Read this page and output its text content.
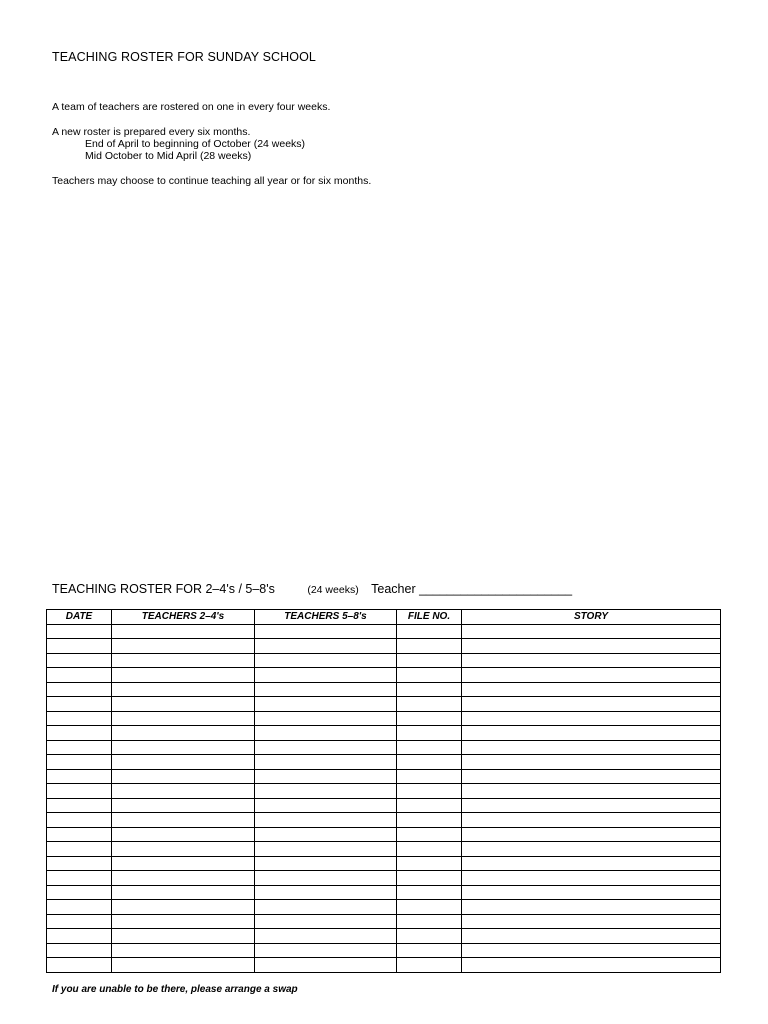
TEACHING ROSTER FOR SUNDAY SCHOOL
A team of teachers are rostered on one in every four weeks.
A new roster is prepared every six months.
End of April to beginning of October (24 weeks)
Mid October to Mid April (28 weeks)
Teachers may choose to continue teaching all year or for six months.
TEACHING ROSTER FOR 2–4's / 5–8's	(24 weeks) Teacher ______________________
DATE	TEACHERS 2–4's	TEACHERS 5–8's	FILE NO.	STORY

If you are unable to be there, please arrange a swap
